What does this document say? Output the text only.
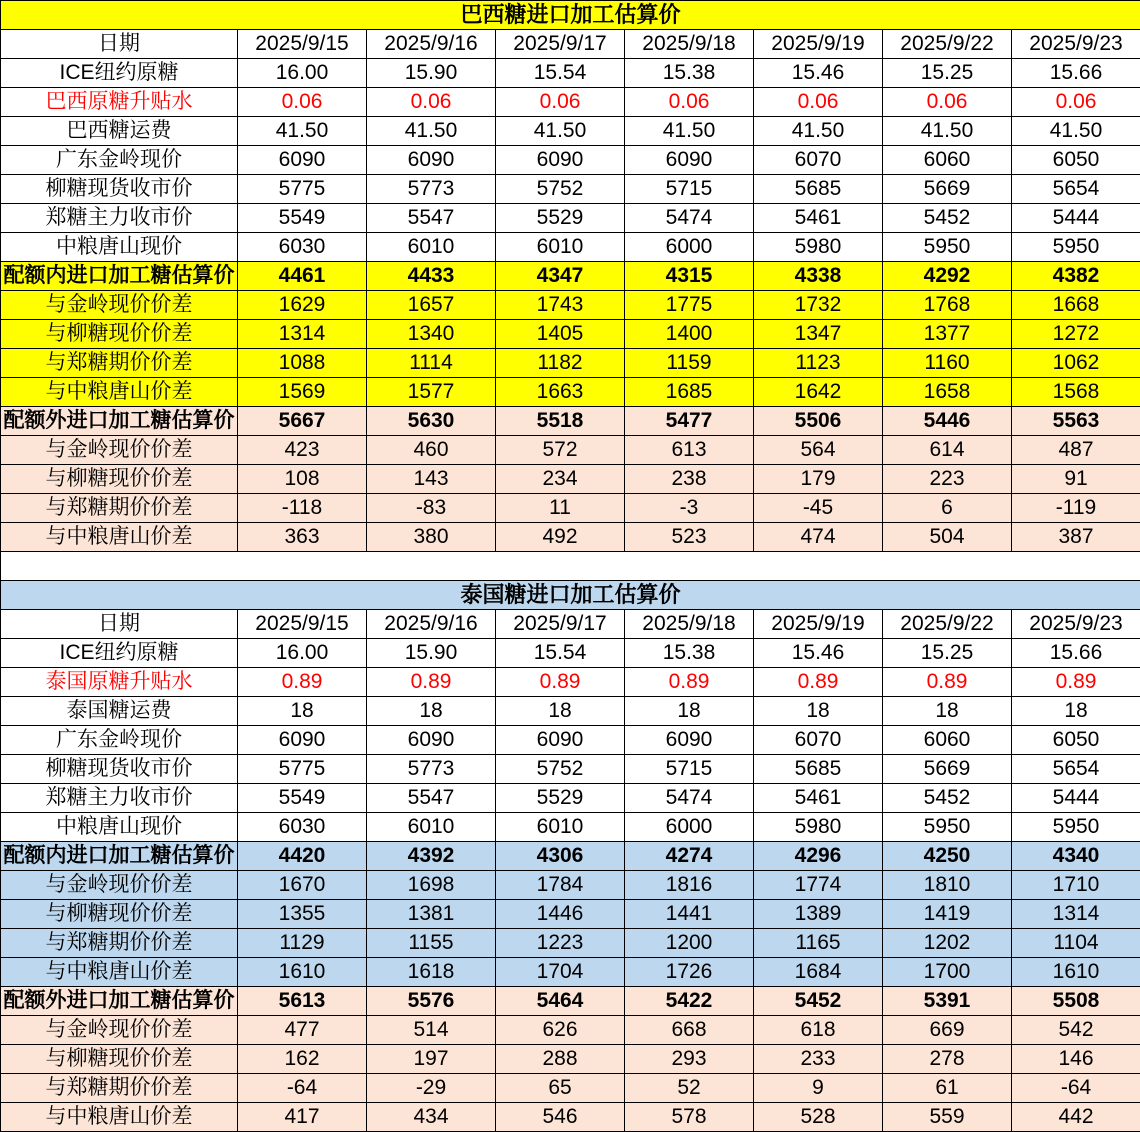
巴西糖进口加工估算价							
日期	2025/9/15	2025/9/16	2025/9/17	2025/9/18	2025/9/19	2025/9/22	2025/9/23
ICE纽约原糖	16.00	15.90	15.54	15.38	15.46	15.25	15.66
巴西原糖升贴水	0.06	0.06	0.06	0.06	0.06	0.06	0.06
巴西糖运费	41.50	41.50	41.50	41.50	41.50	41.50	41.50
广东金岭现价	6090	6090	6090	6090	6070	6060	6050
柳糖现货收市价	5775	5773	5752	5715	5685	5669	5654
郑糖主力收市价	5549	5547	5529	5474	5461	5452	5444
中粮唐山现价	6030	6010	6010	6000	5980	5950	5950
配额内进口加工糖估算价	4461	4433	4347	4315	4338	4292	4382
与金岭现价价差	1629	1657	1743	1775	1732	1768	1668
与柳糖现价价差	1314	1340	1405	1400	1347	1377	1272
与郑糖期价价差	1088	1114	1182	1159	1123	1160	1062
与中粮唐山价差	1569	1577	1663	1685	1642	1658	1568
配额外进口加工糖估算价	5667	5630	5518	5477	5506	5446	5563
与金岭现价价差	423	460	572	613	564	614	487
与柳糖现价价差	108	143	234	238	179	223	91
与郑糖期价价差	-118	-83	11	-3	-45	6	-119
与中粮唐山价差	363	380	492	523	474	504	387

泰国糖进口加工估算价							
日期	2025/9/15	2025/9/16	2025/9/17	2025/9/18	2025/9/19	2025/9/22	2025/9/23
ICE纽约原糖	16.00	15.90	15.54	15.38	15.46	15.25	15.66
泰国原糖升贴水	0.89	0.89	0.89	0.89	0.89	0.89	0.89
泰国糖运费	18	18	18	18	18	18	18
广东金岭现价	6090	6090	6090	6090	6070	6060	6050
柳糖现货收市价	5775	5773	5752	5715	5685	5669	5654
郑糖主力收市价	5549	5547	5529	5474	5461	5452	5444
中粮唐山现价	6030	6010	6010	6000	5980	5950	5950
配额内进口加工糖估算价	4420	4392	4306	4274	4296	4250	4340
与金岭现价价差	1670	1698	1784	1816	1774	1810	1710
与柳糖现价价差	1355	1381	1446	1441	1389	1419	1314
与郑糖期价价差	1129	1155	1223	1200	1165	1202	1104
与中粮唐山价差	1610	1618	1704	1726	1684	1700	1610
配额外进口加工糖估算价	5613	5576	5464	5422	5452	5391	5508
与金岭现价价差	477	514	626	668	618	669	542
与柳糖现价价差	162	197	288	293	233	278	146
与郑糖期价价差	-64	-29	65	52	9	61	-64
与中粮唐山价差	417	434	546	578	528	559	442
